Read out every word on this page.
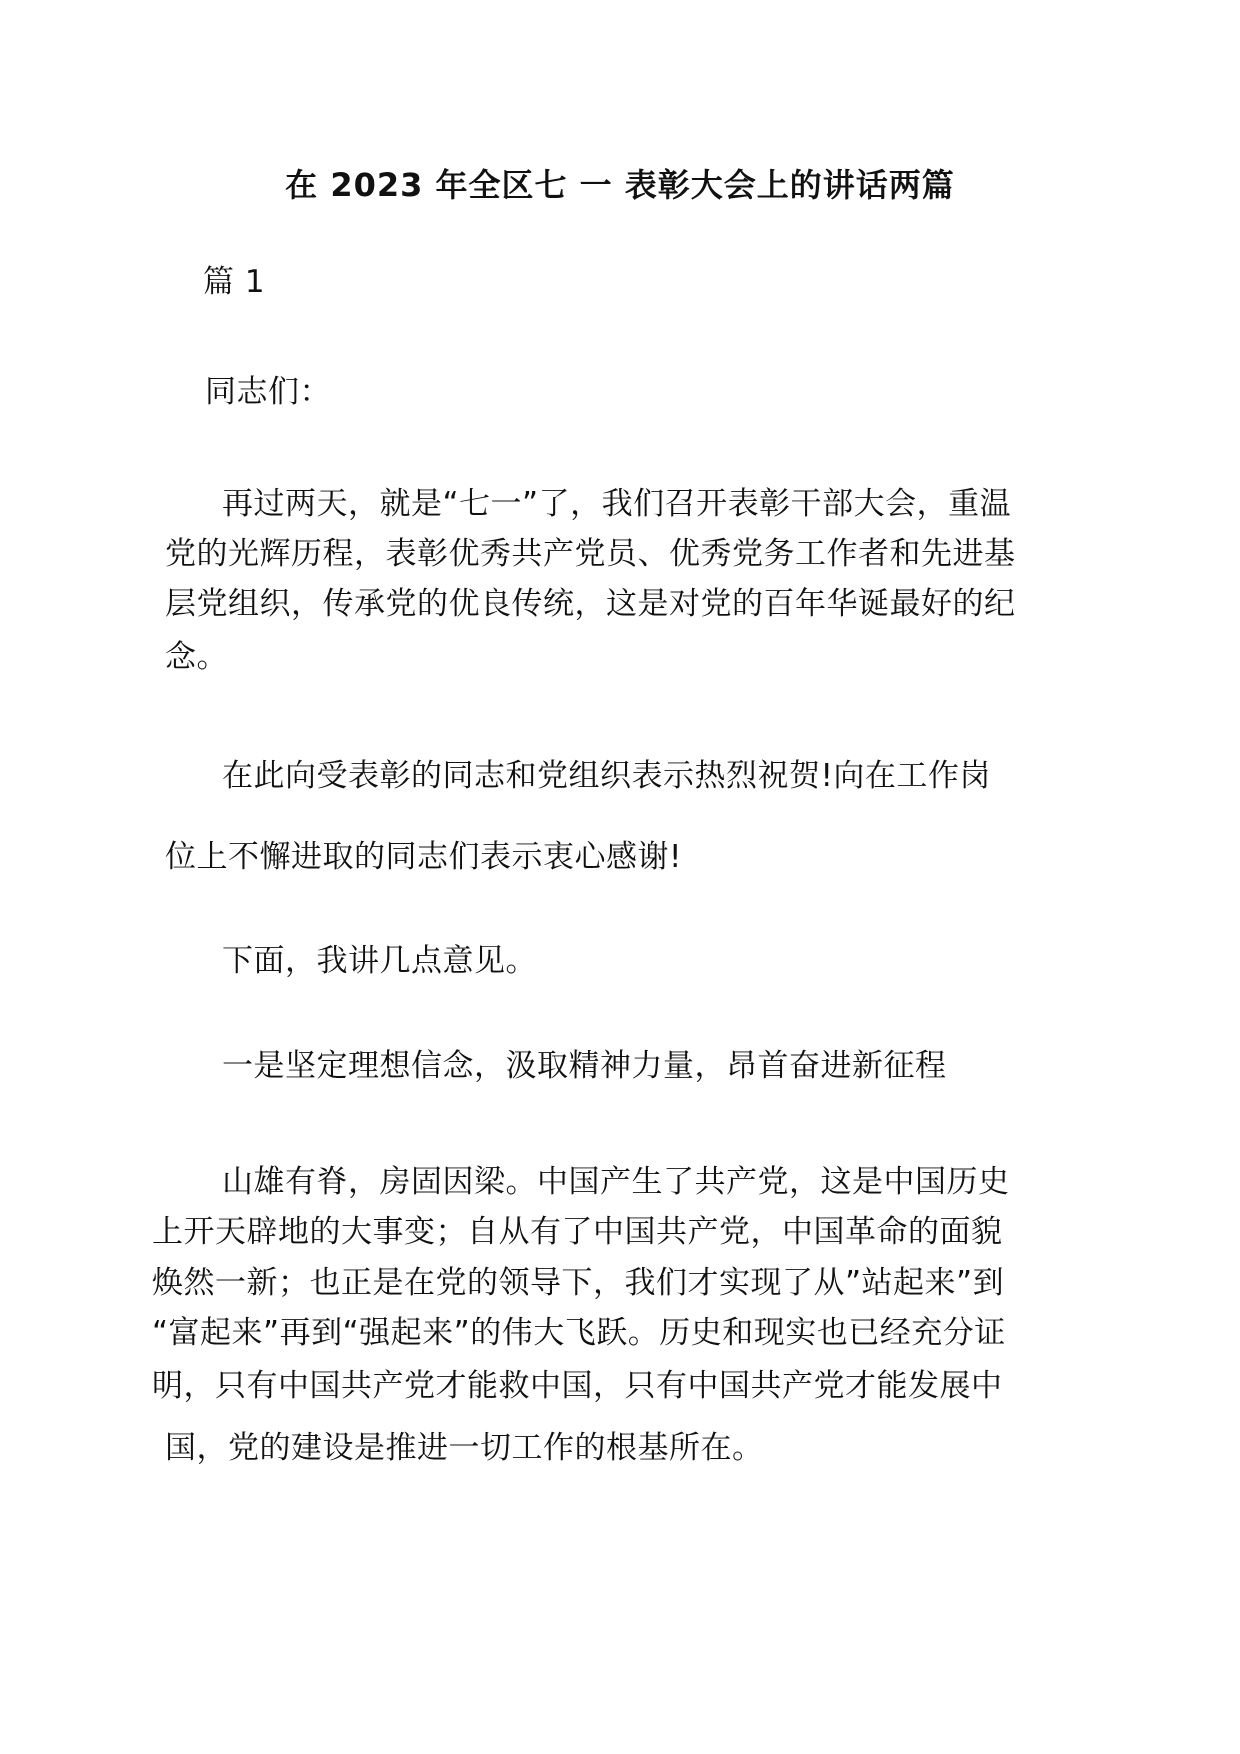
在 2023 年全区七 一 表彰大会上的讲话两篇
篇 1
同志们：
再过两天，就是“七一”了，我们召开表彰干部大会，重温
党的光辉历程，表彰优秀共产党员、优秀党务工作者和先进基
层党组织，传承党的优良传统，这是对党的百年华诞最好的纪
念。
在此向受表彰的同志和党组织表示热烈祝贺!向在工作岗
位上不懈进取的同志们表示衷心感谢!
下面，我讲几点意见。
一是坚定理想信念，汲取精神力量，昂首奋进新征程
山雄有脊，房固因梁。中国产生了共产党，这是中国历史
上开天辟地的大事变；自从有了中国共产党，中国革命的面貌
焕然一新；也正是在党的领导下，我们才实现了从”站起来”到
“富起来”再到“强起来”的伟大飞跃。历史和现实也已经充分证
明，只有中国共产党才能救中国，只有中国共产党才能发展中
国，党的建设是推进一切工作的根基所在。
